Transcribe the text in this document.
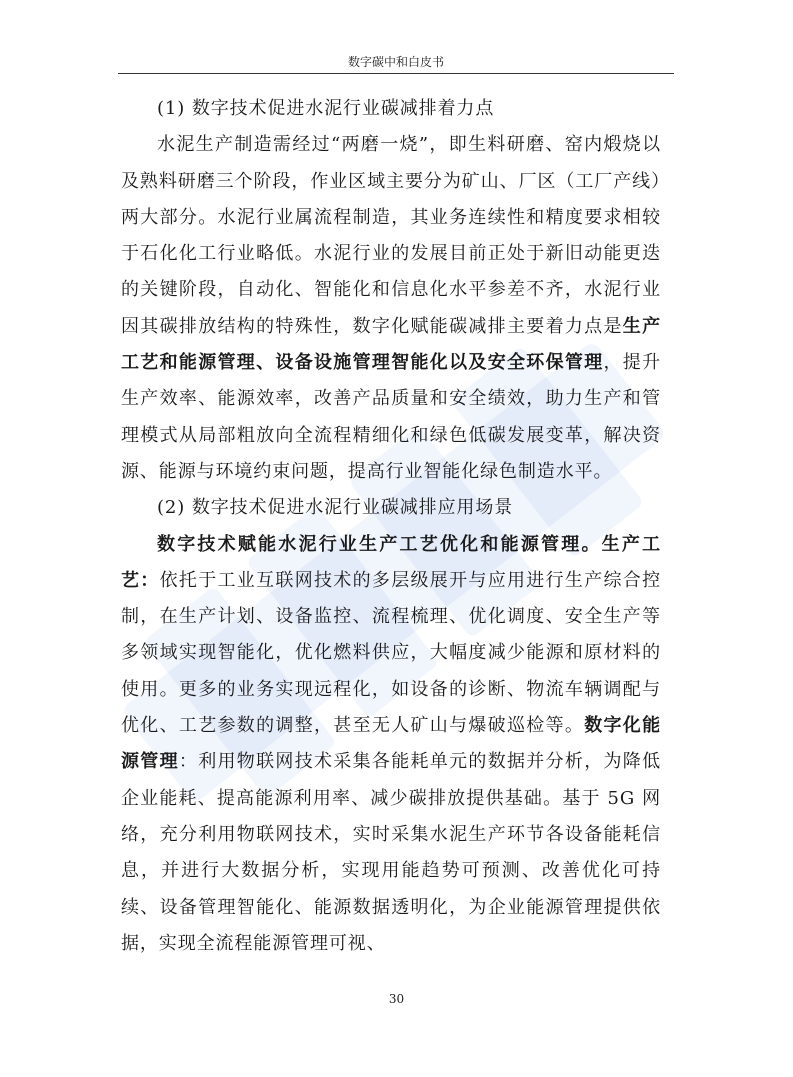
数字碳中和白皮书

(1) 数字技术促进水泥行业碳减排着力点

水泥生产制造需经过“两磨一烧”，即生料研磨、窑内煅烧以及熟料研磨三个阶段，作业区域主要分为矿山、厂区（工厂产线）两大部分。水泥行业属流程制造，其业务连续性和精度要求相较于石化化工行业略低。水泥行业的发展目前正处于新旧动能更迭的关键阶段，自动化、智能化和信息化水平参差不齐，水泥行业因其碳排放结构的特殊性，数字化赋能碳减排主要着力点是生产工艺和能源管理、设备设施管理智能化以及安全环保管理，提升生产效率、能源效率，改善产品质量和安全绩效，助力生产和管理模式从局部粗放向全流程精细化和绿色低碳发展变革，解决资源、能源与环境约束问题，提高行业智能化绿色制造水平。

(2) 数字技术促进水泥行业碳减排应用场景

数字技术赋能水泥行业生产工艺优化和能源管理。生产工艺：依托于工业互联网技术的多层级展开与应用进行生产综合控制，在生产计划、设备监控、流程梳理、优化调度、安全生产等多领域实现智能化，优化燃料供应，大幅度减少能源和原材料的使用。更多的业务实现远程化，如设备的诊断、物流车辆调配与优化、工艺参数的调整，甚至无人矿山与爆破巡检等。数字化能源管理：利用物联网技术采集各能耗单元的数据并分析，为降低企业能耗、提高能源利用率、减少碳排放提供基础。基于 5G 网络，充分利用物联网技术，实时采集水泥生产环节各设备能耗信息，并进行大数据分析，实现用能趋势可预测、改善优化可持续、设备管理智能化、能源数据透明化，为企业能源管理提供依据，实现全流程能源管理可视、

30
